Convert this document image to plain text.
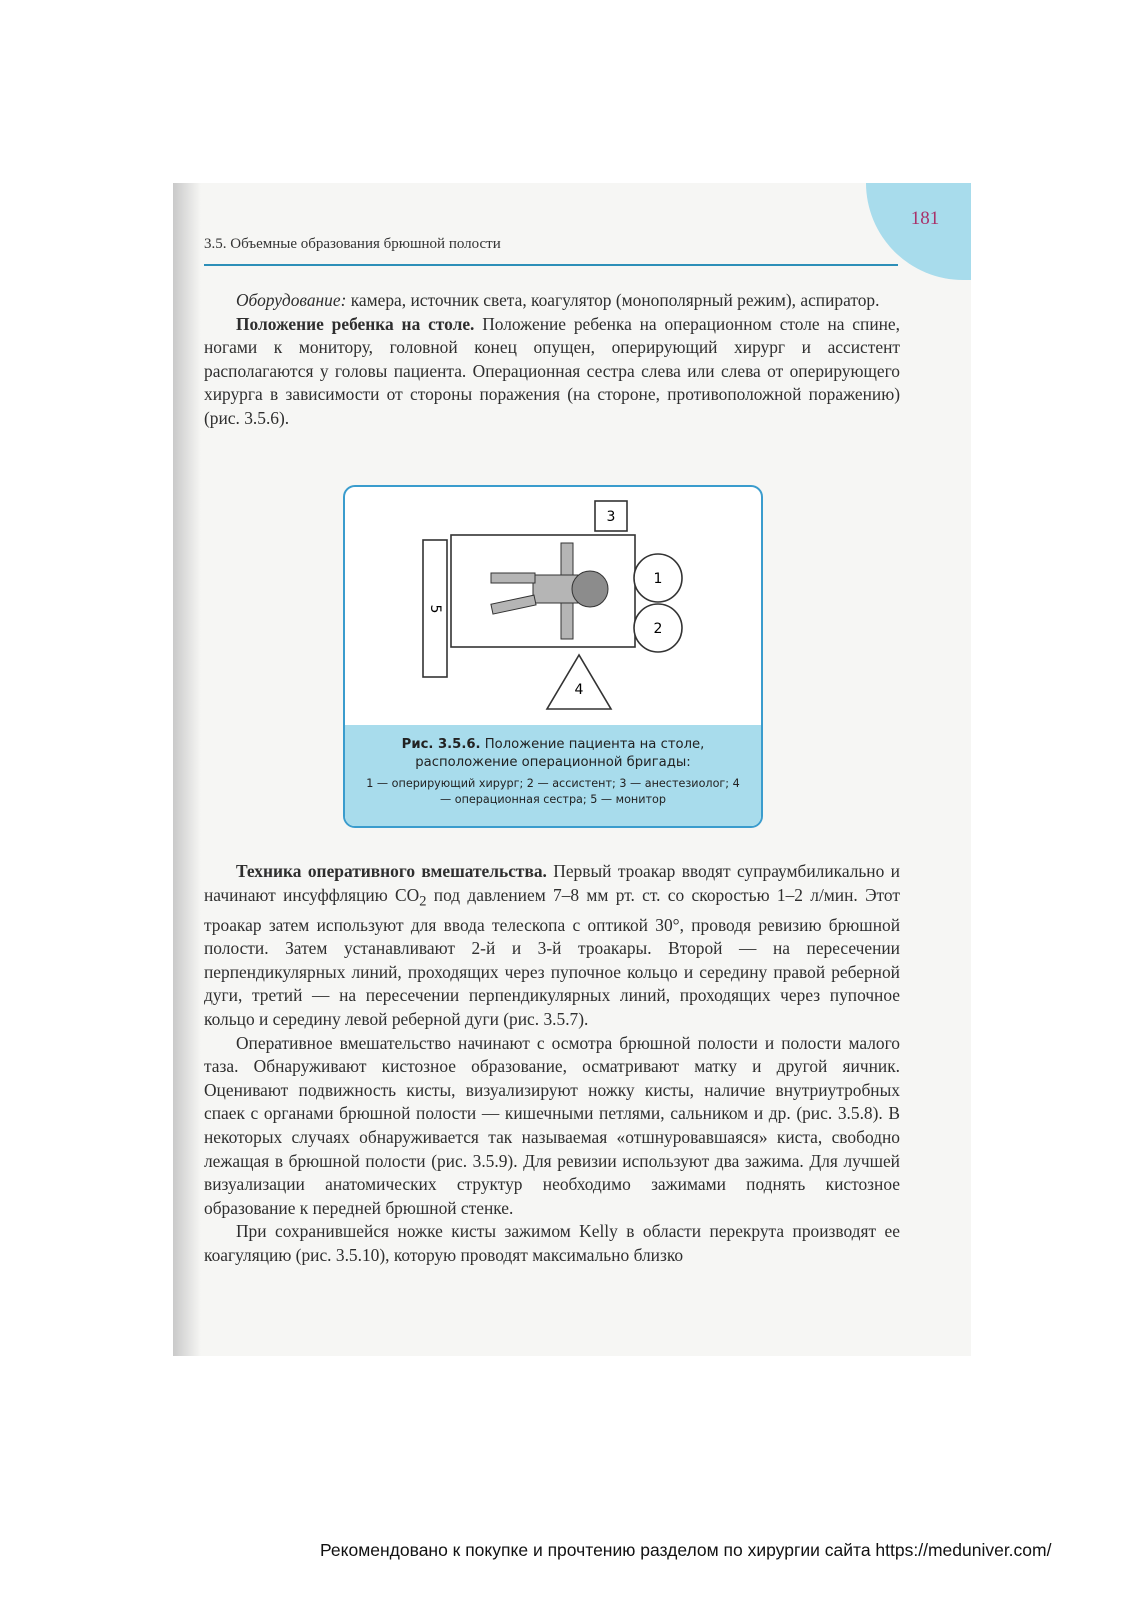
181
3.5. Объемные образования брюшной полости

Оборудование: камера, источник света, коагулятор (монополярный режим), аспиратор.

Положение ребенка на столе. Положение ребенка на операционном столе на спине, ногами к монитору, головной конец опущен, оперирующий хирург и ассистент располагаются у головы пациента. Операционная сестра слева или слева от оперирующего хирурга в зависимости от стороны поражения (на стороне, противоположной поражению) (рис. 3.5.6).

5
3
1
2
4
Рис. 3.5.6. Положение пациента на столе, расположение операционной бригады:
1 — оперирующий хирург; 2 — ассистент; 3 — анестезиолог; 4 — операционная сестра; 5 — монитор

Техника оперативного вмешательства. Первый троакар вводят супраумбиликально и начинают инсуффляцию $CO_2$ под давлением 7–8 мм рт. ст. со скоростью 1–2 л/мин. Этот троакар затем используют для ввода телескопа с оптикой 30°, проводя ревизию брюшной полости. Затем устанавливают 2-й и 3-й троакары. Второй — на пересечении перпендикулярных линий, проходящих через пупочное кольцо и середину правой реберной дуги, третий — на пересечении перпендикулярных линий, проходящих через пупочное кольцо и середину левой реберной дуги (рис. 3.5.7).

Оперативное вмешательство начинают с осмотра брюшной полости и полости малого таза. Обнаруживают кистозное образование, осматривают матку и другой яичник. Оценивают подвижность кисты, визуализируют ножку кисты, наличие внутриутробных спаек с органами брюшной полости — кишечными петлями, сальником и др. (рис. 3.5.8). В некоторых случаях обнаруживается так называемая «отшнуровавшаяся» киста, свободно лежащая в брюшной полости (рис. 3.5.9). Для ревизии используют два зажима. Для лучшей визуализации анатомических структур необходимо зажимами поднять кистозное образование к передней брюшной стенке.

При сохранившейся ножке кисты зажимом Kelly в области перекрута производят ее коагуляцию (рис. 3.5.10), которую проводят максимально близко

Рекомендовано к покупке и прочтению разделом по хирургии сайта https://meduniver.com/
